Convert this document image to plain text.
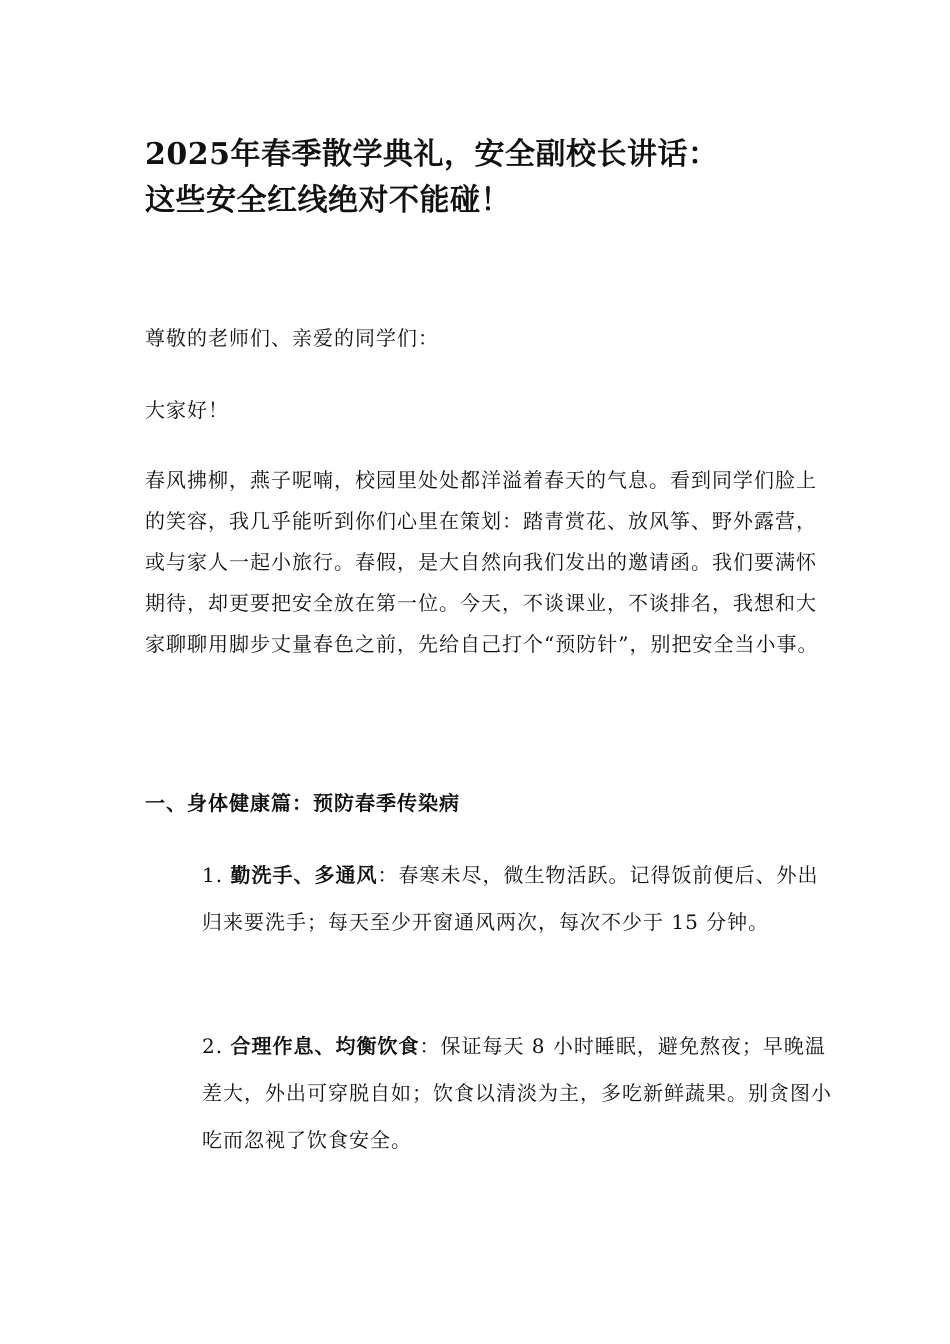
2025年春季散学典礼，安全副校长讲话：
这些安全红线绝对不能碰！

尊敬的老师们、亲爱的同学们：

大家好！

春风拂柳，燕子呢喃，校园里处处都洋溢着春天的气息。看到同学们脸上的笑容，我几乎能听到你们心里在策划：踏青赏花、放风筝、野外露营，或与家人一起小旅行。春假，是大自然向我们发出的邀请函。我们要满怀期待，却更要把安全放在第一位。今天，不谈课业，不谈排名，我想和大家聊聊用脚步丈量春色之前，先给自己打个“预防针”，别把安全当小事。

一、身体健康篇：预防春季传染病

1. 勤洗手、多通风：春寒未尽，微生物活跃。记得饭前便后、外出归来要洗手；每天至少开窗通风两次，每次不少于 15 分钟。

2. 合理作息、均衡饮食：保证每天 8 小时睡眠，避免熬夜；早晚温差大，外出可穿脱自如；饮食以清淡为主，多吃新鲜蔬果。别贪图小吃而忽视了饮食安全。
